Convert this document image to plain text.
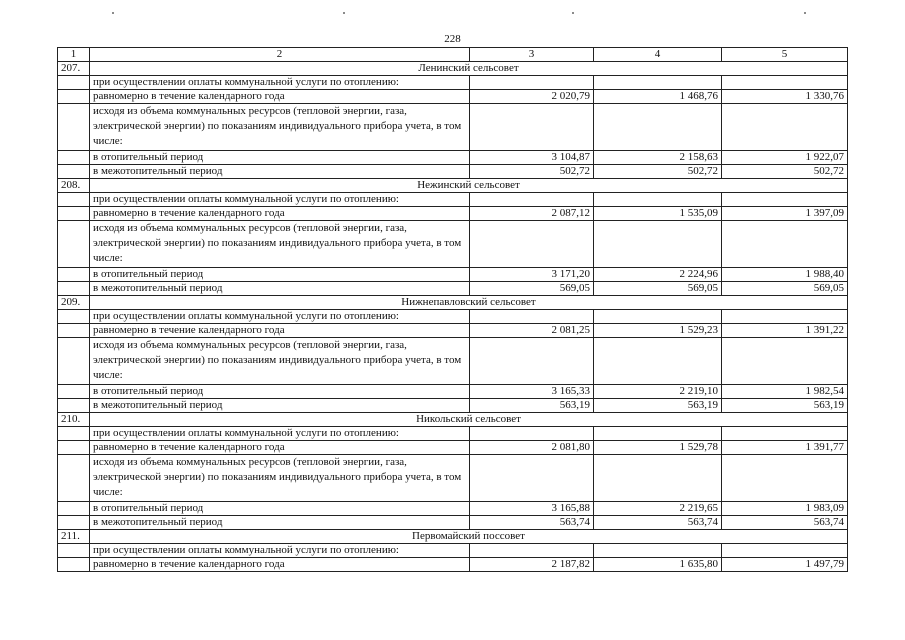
228
1	2	3	4	5
207.	Ленинский сельсовет			
	при осуществлении оплаты коммунальной услуги по отоплению:			
	равномерно в течение календарного года	2 020,79	1 468,76	1 330,76
	исходя из объема коммунальных ресурсов (тепловой энергии, газа, электрической энергии) по показаниям индивидуального прибора учета, в том числе:			
	в отопительный период	3 104,87	2 158,63	1 922,07
	в межотопительный период	502,72	502,72	502,72
208.	Нежинский сельсовет			
	при осуществлении оплаты коммунальной услуги по отоплению:			
	равномерно в течение календарного года	2 087,12	1 535,09	1 397,09
	исходя из объема коммунальных ресурсов (тепловой энергии, газа, электрической энергии) по показаниям индивидуального прибора учета, в том числе:			
	в отопительный период	3 171,20	2 224,96	1 988,40
	в межотопительный период	569,05	569,05	569,05
209.	Нижнепавловский сельсовет			
	при осуществлении оплаты коммунальной услуги по отоплению:			
	равномерно в течение календарного года	2 081,25	1 529,23	1 391,22
	исходя из объема коммунальных ресурсов (тепловой энергии, газа, электрической энергии) по показаниям индивидуального прибора учета, в том числе:			
	в отопительный период	3 165,33	2 219,10	1 982,54
	в межотопительный период	563,19	563,19	563,19
210.	Никольский сельсовет			
	при осуществлении оплаты коммунальной услуги по отоплению:			
	равномерно в течение календарного года	2 081,80	1 529,78	1 391,77
	исходя из объема коммунальных ресурсов (тепловой энергии, газа, электрической энергии) по показаниям индивидуального прибора учета, в том числе:			
	в отопительный период	3 165,88	2 219,65	1 983,09
	в межотопительный период	563,74	563,74	563,74
211.	Первомайский поссовет			
	при осуществлении оплаты коммунальной услуги по отоплению:			
	равномерно в течение календарного года	2 187,82	1 635,80	1 497,79
